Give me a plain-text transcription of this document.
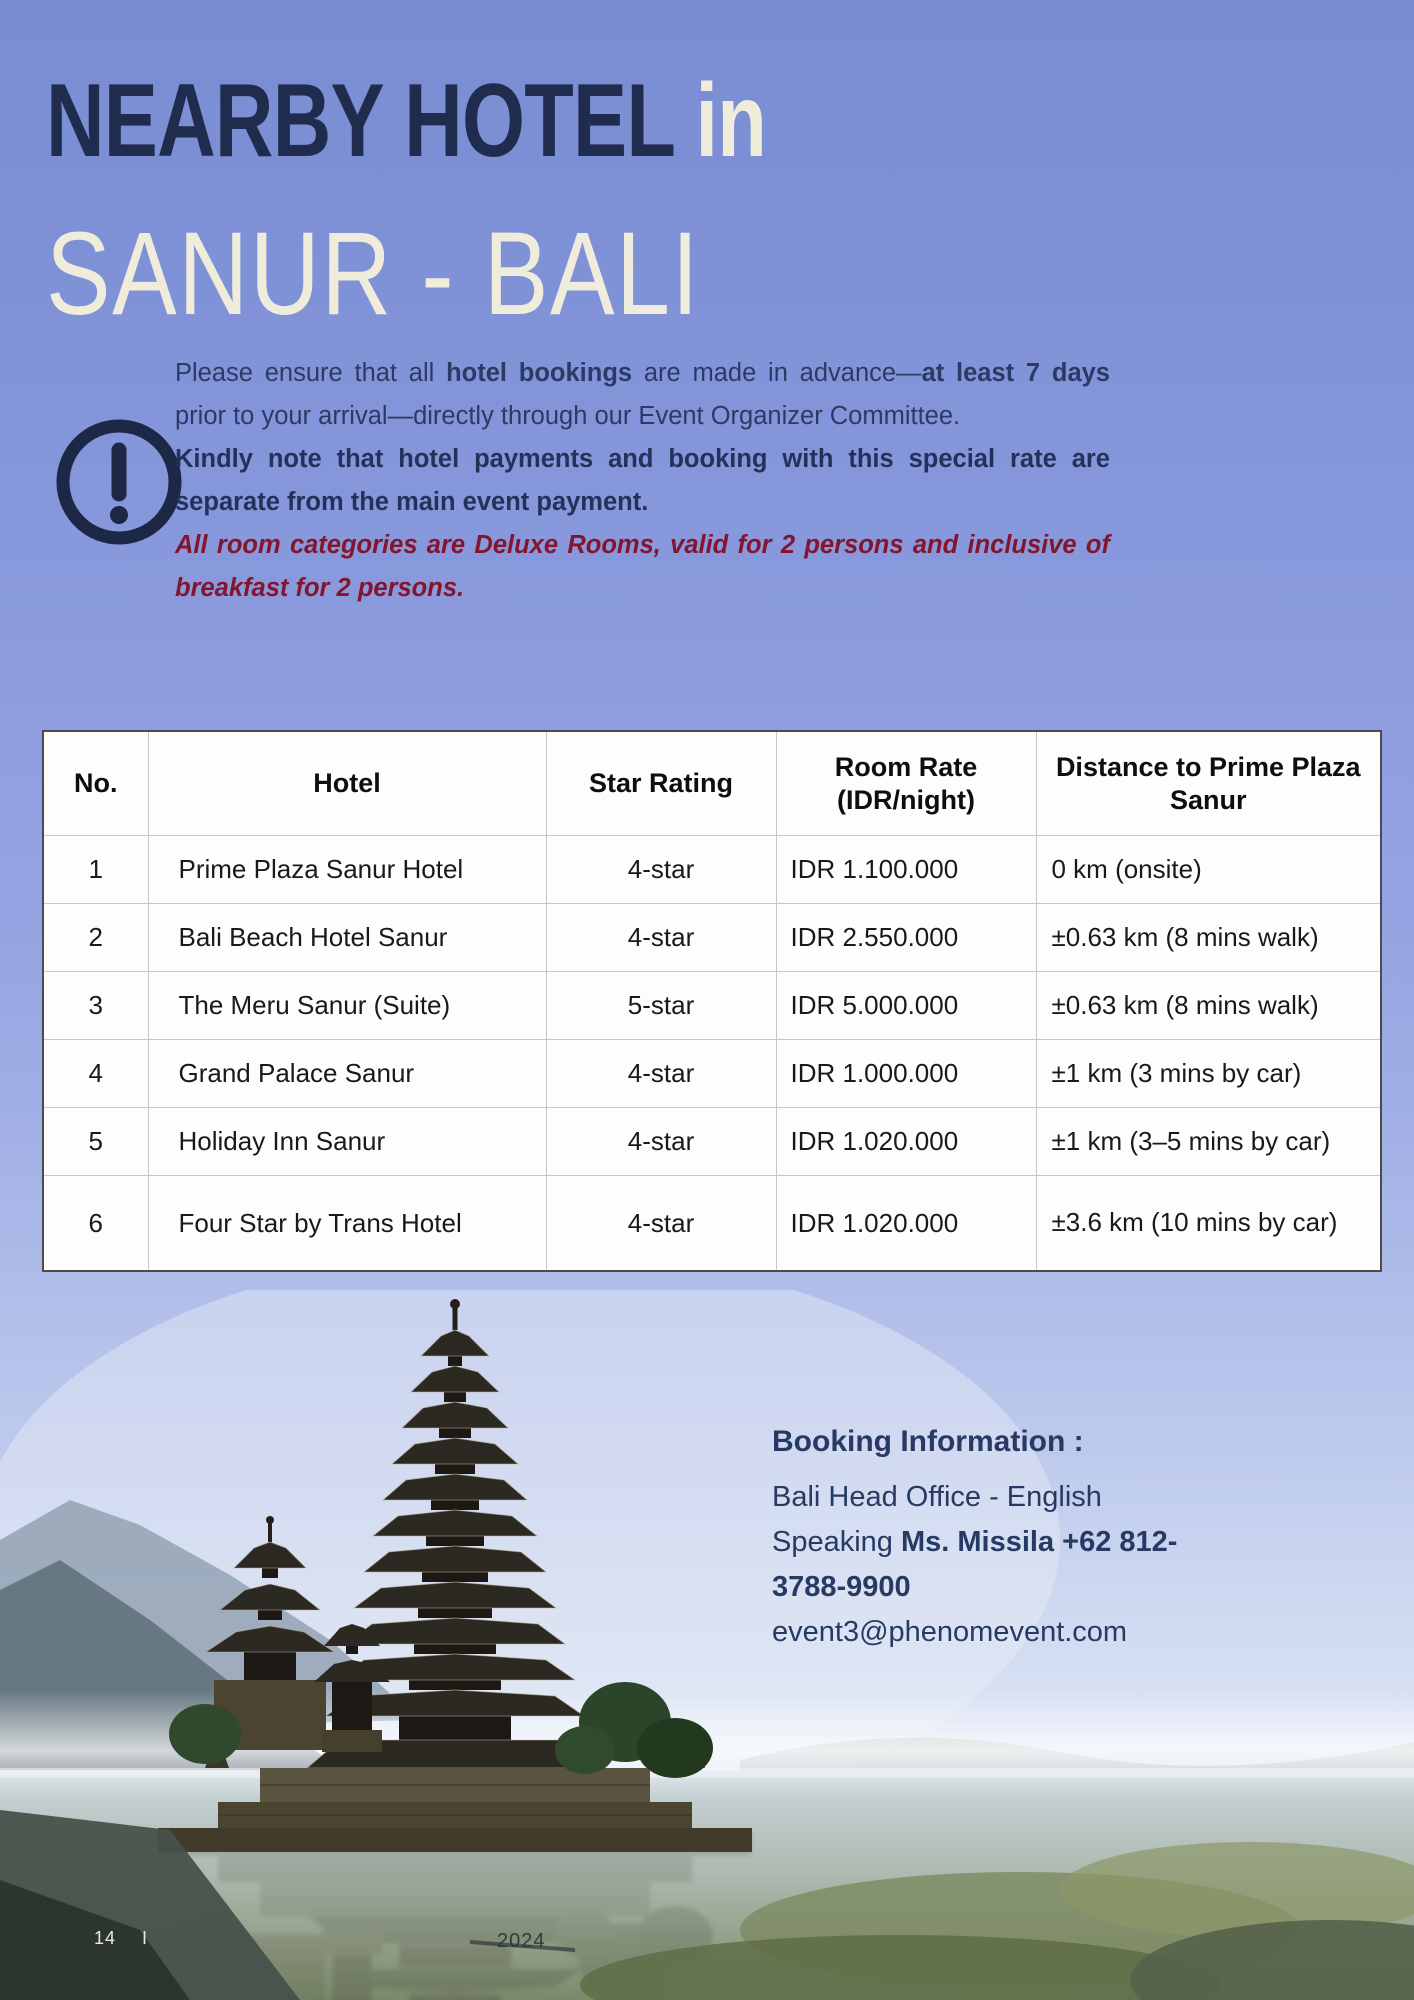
NEARBY HOTEL in
SANUR - BALI

Please ensure that all hotel bookings are made in advance—at least 7 days prior to your arrival—directly through our Event Organizer Committee.

Kindly note that hotel payments and booking with this special rate are separate from the main event payment.

All room categories are Deluxe Rooms, valid for 2 persons and inclusive of breakfast for 2 persons.

No.	Hotel	Star Rating	Room Rate (IDR/night)	Distance to Prime Plaza Sanur
1	Prime Plaza Sanur Hotel	4-star	IDR 1.100.000	0 km (onsite)
2	Bali Beach Hotel Sanur	4-star	IDR 2.550.000	±0.63 km (8 mins walk)
3	The Meru Sanur (Suite)	5-star	IDR 5.000.000	±0.63 km (8 mins walk)
4	Grand Palace Sanur	4-star	IDR 1.000.000	±1 km (3 mins by car)
5	Holiday Inn Sanur	4-star	IDR 1.020.000	±1 km (3–5 mins by car)
6	Four Star by Trans Hotel	4-star	IDR 1.020.000	±3.6 km (10 mins by car)
Booking Information :

Bali Head Office - English Speaking Ms. Missila +62 812-3788-9900

event3@phenomevent.com

14 I	2024
